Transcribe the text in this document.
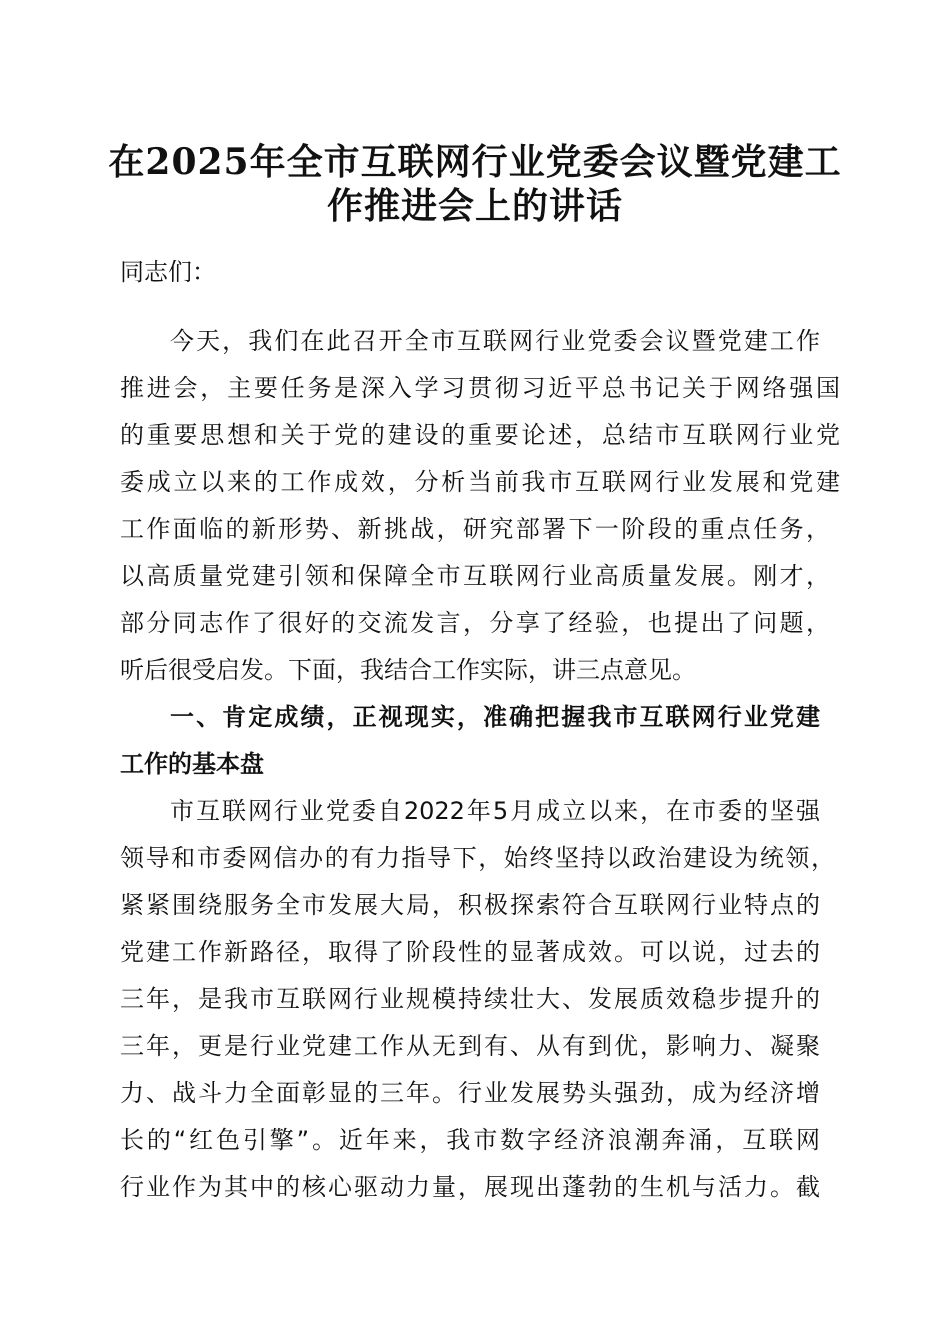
在2025年全市互联网行业党委会议暨党建工
作推进会上的讲话

同志们：

今天，我们在此召开全市互联网行业党委会议暨党建工作

推进会，主要任务是深入学习贯彻习近平总书记关于网络强国

的重要思想和关于党的建设的重要论述，总结市互联网行业党

委成立以来的工作成效，分析当前我市互联网行业发展和党建

工作面临的新形势、新挑战，研究部署下一阶段的重点任务，

以高质量党建引领和保障全市互联网行业高质量发展。刚才，

部分同志作了很好的交流发言，分享了经验，也提出了问题，

听后很受启发。下面，我结合工作实际，讲三点意见。

一、肯定成绩，正视现实，准确把握我市互联网行业党建

工作的基本盘

市互联网行业党委自2022年5月成立以来，在市委的坚强

领导和市委网信办的有力指导下，始终坚持以政治建设为统领，

紧紧围绕服务全市发展大局，积极探索符合互联网行业特点的

党建工作新路径，取得了阶段性的显著成效。可以说，过去的

三年，是我市互联网行业规模持续壮大、发展质效稳步提升的

三年，更是行业党建工作从无到有、从有到优，影响力、凝聚

力、战斗力全面彰显的三年。行业发展势头强劲，成为经济增

长的“红色引擎”。近年来，我市数字经济浪潮奔涌，互联网

行业作为其中的核心驱动力量，展现出蓬勃的生机与活力。截
